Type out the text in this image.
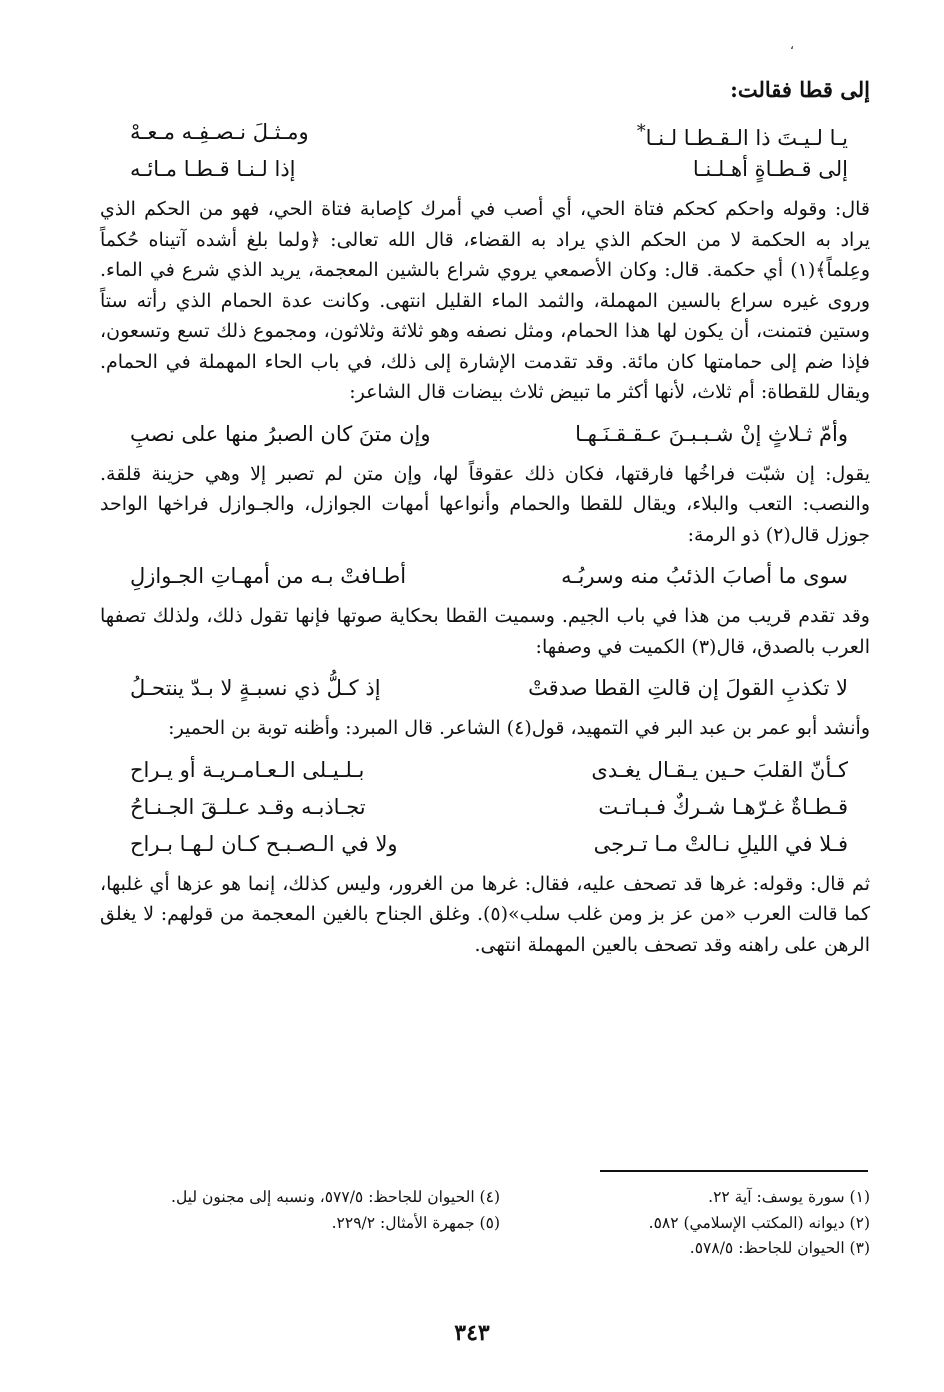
،

إلى قطا فقالت:

يـا لـيـتَ ذا الـقـطـا لـنـا*
ومـثـلَ نـصـفِـه مـعـهْ
إلى قـطـاةٍ أهـلـنـا
إذا لـنـا قـطـا مـائـه

قال: وقوله واحكم كحكم فتاة الحي، أي أصب في أمرك كإصابة فتاة الحي، فهو من الحكم الذي يراد به الحكمة لا من الحكم الذي يراد به القضاء، قال الله تعالى: ﴿ولما بلغ أشده آتيناه حُكماً وعِلماً﴾(١) أي حكمة. قال: وكان الأصمعي يروي شراع بالشين المعجمة، يريد الذي شرع في الماء. وروى غيره سراع بالسين المهملة، والثمد الماء القليل انتهى. وكانت عدة الحمام الذي رأته ستاً وستين فتمنت، أن يكون لها هذا الحمام، ومثل نصفه وهو ثلاثة وثلاثون، ومجموع ذلك تسع وتسعون، فإذا ضم إلى حمامتها كان مائة. وقد تقدمت الإشارة إلى ذلك، في باب الحاء المهملة في الحمام. ويقال للقطاة: أم ثلاث، لأنها أكثر ما تبيض ثلاث بيضات قال الشاعر:

وأمّ ثـلاثٍ إنْ شـبـبـنَ عـقـقـنَـهـا
وإن متنَ كان الصبرُ منها على نصبِ

يقول: إن شبّت فراخُها فارقتها، فكان ذلك عقوقاً لها، وإن متن لم تصبر إلا وهي حزينة قلقة. والنصب: التعب والبلاء، ويقال للقطا والحمام وأنواعها أمهات الجوازل، والجـوازل فراخها الواحد جوزل قال(٢) ذو الرمة:

سوى ما أصابَ الذئبُ منه وسربُـه
أطـافتْ بـه من أمهـاتِ الجـوازلِ

وقد تقدم قريب من هذا في باب الجيم. وسميت القطا بحكاية صوتها فإنها تقول ذلك، ولذلك تصفها العرب بالصدق، قال(٣) الكميت في وصفها:

لا تكذبِ القولَ إن قالتِ القطا صدقتْ
إذ كـلُّ ذي نسبـةٍ لا بـدّ ينتحـلُ

وأنشد أبو عمر بن عبد البر في التمهيد، قول(٤) الشاعر. قال المبرد: وأظنه توبة بن الحمير:

كـأنّ القلبَ حـين يـقـال يغـدى
بـلـيـلى الـعـامـريـة أو يـراح
قـطـاةٌ غـرّهـا شـركٌ فـبـاتـت
تجـاذبـه وقـد عـلـقَ الجـنـاحُ
فـلا في الليلِ نـالتْ مـا تـرجى
ولا في الـصـبـح كـان لـهـا بـراح

ثم قال: وقوله: غرها قد تصحف عليه، فقال: غرها من الغرور، وليس كذلك، إنما هو عزها أي غلبها، كما قالت العرب «من عز بز ومن غلب سلب»(٥). وغلق الجناح بالغين المعجمة من قولهم: لا يغلق الرهن على راهنه وقد تصحف بالعين المهملة انتهى.

(١) سورة يوسف: آية ٢٢.
(٢) ديوانه (المكتب الإسلامي) ٥٨٢.
(٣) الحيوان للجاحظ: ٥٧٨/٥.
(٤) الحيوان للجاحظ: ٥٧٧/٥، ونسبه إلى مجنون ليل.
(٥) جمهرة الأمثال: ٢٢٩/٢.
٣٤٣
